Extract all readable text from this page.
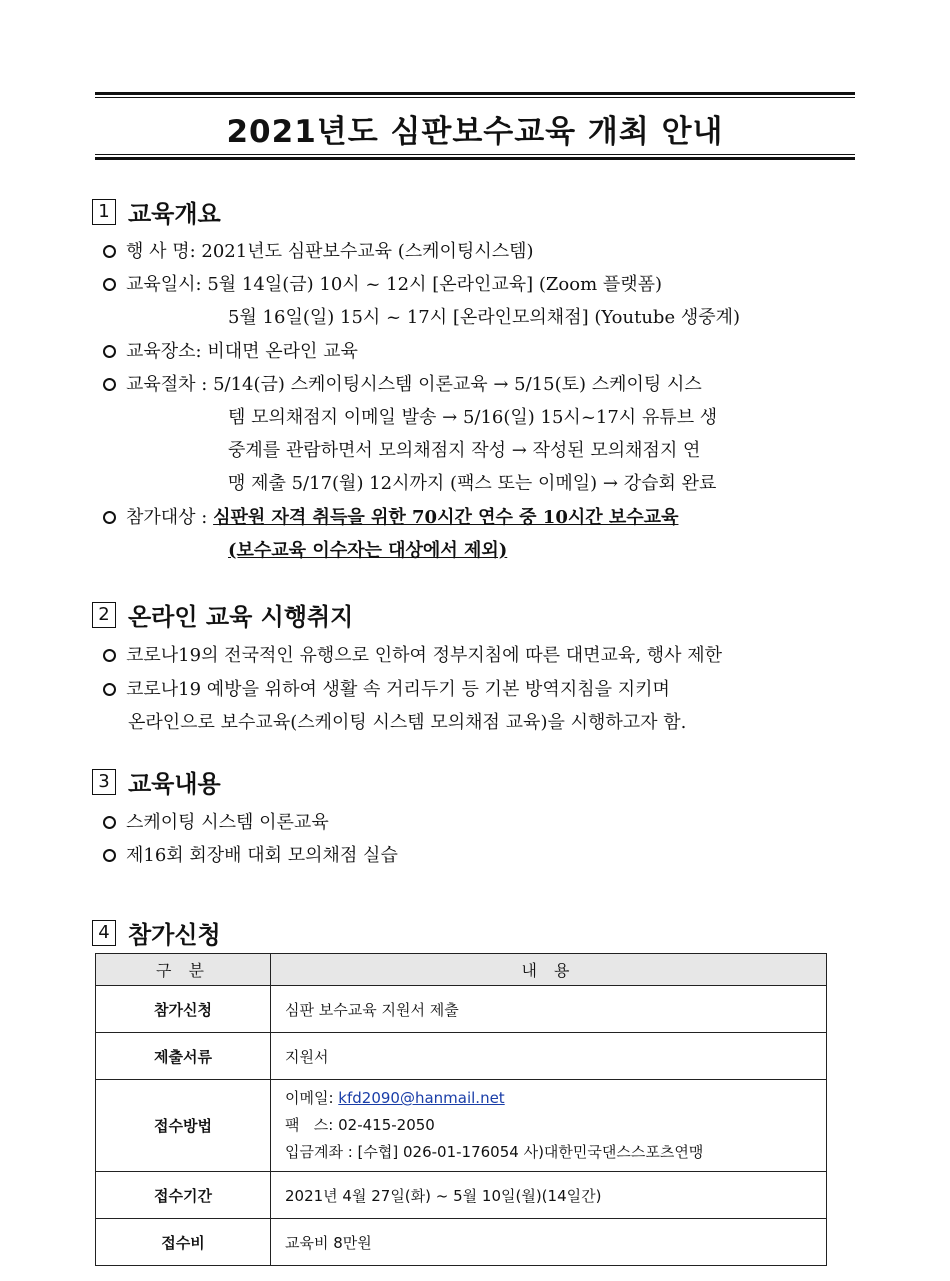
2021년도 심판보수교육 개최 안내
1 교육개요
행 사 명: 2021년도 심판보수교육 (스케이팅시스템)
교육일시: 5월 14일(금) 10시 ~ 12시 [온라인교육] (Zoom 플랫폼)
5월 16일(일) 15시 ~ 17시 [온라인모의채점] (Youtube 생중계)
교육장소: 비대면 온라인 교육
교육절차 : 5/14(금) 스케이팅시스템 이론교육 → 5/15(토) 스케이팅 시스
템 모의채점지 이메일 발송 → 5/16(일) 15시~17시 유튜브 생
중계를 관람하면서 모의채점지 작성 → 작성된 모의채점지 연
맹 제출 5/17(월) 12시까지 (팩스 또는 이메일) → 강습회 완료
참가대상 : 심판원 자격 취득을 위한 70시간 연수 중 10시간 보수교육
(보수교육 이수자는 대상에서 제외)
2 온라인 교육 시행취지
코로나19의 전국적인 유행으로 인하여 정부지침에 따른 대면교육, 행사 제한
코로나19 예방을 위하여 생활 속 거리두기 등 기본 방역지침을 지키며
온라인으로 보수교육(스케이팅 시스템 모의채점 교육)을 시행하고자 함.
3 교육내용
스케이팅 시스템 이론교육
제16회 회장배 대회 모의채점 실습
4 참가신청
구 분	내 용
참가신청	심판 보수교육 지원서 제출
제출서류	지원서
접수방법	이메일: kfd2090@hanmail.net
팩   스: 02-415-2050
입금계좌 : [수협] 026-01-176054 사)대한민국댄스스포츠연맹

접수기간	2021년 4월 27일(화) ~ 5월 10일(월)(14일간)
접수비	교육비 8만원
